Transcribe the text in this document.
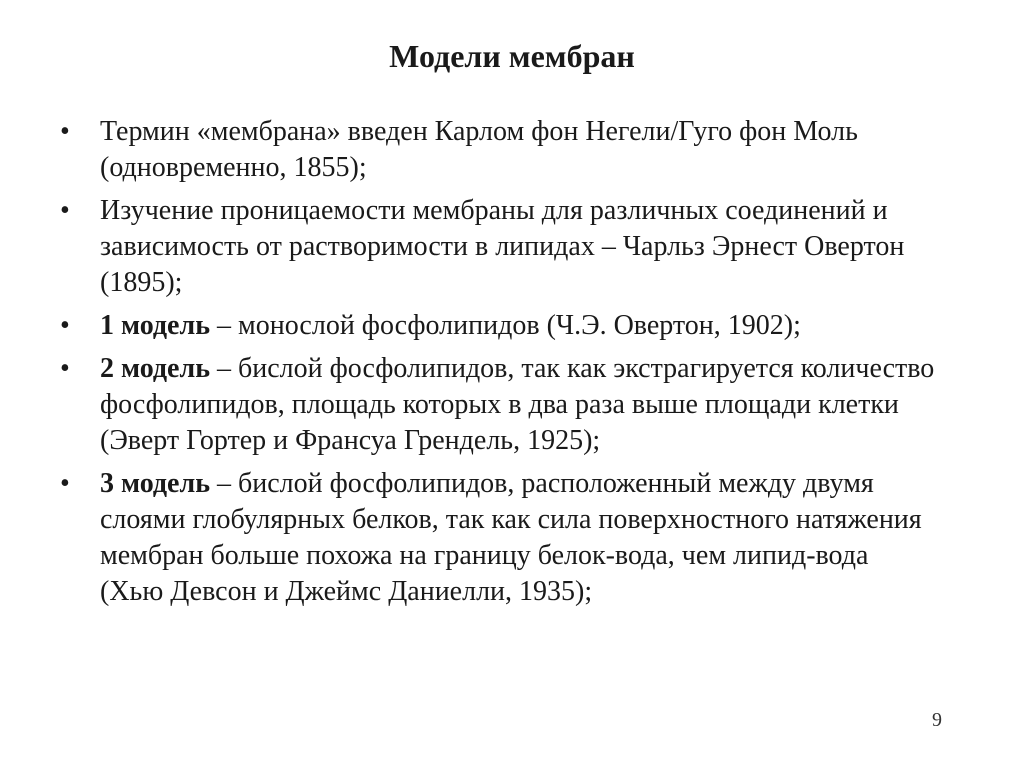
Модели мембран
• Термин «мембрана» введен Карлом фон Негели/Гуго фон Моль (одновременно, 1855);
• Изучение проницаемости мембраны для различных соединений и зависимость от растворимости в липидах – Чарльз Эрнест Овертон (1895);
• 1 модель – монослой фосфолипидов (Ч.Э. Овертон, 1902);
• 2 модель – бислой фосфолипидов, так как экстрагируется количество фосфолипидов, площадь которых в два раза выше площади клетки (Эверт Гортер и Франсуа Грендель, 1925);
• 3 модель – бислой фосфолипидов, расположенный между двумя слоями глобулярных белков, так как сила поверхностного натяжения мембран больше похожа на границу белок-вода, чем липид-вода (Хью Девсон и Джеймс Даниелли, 1935);
9
